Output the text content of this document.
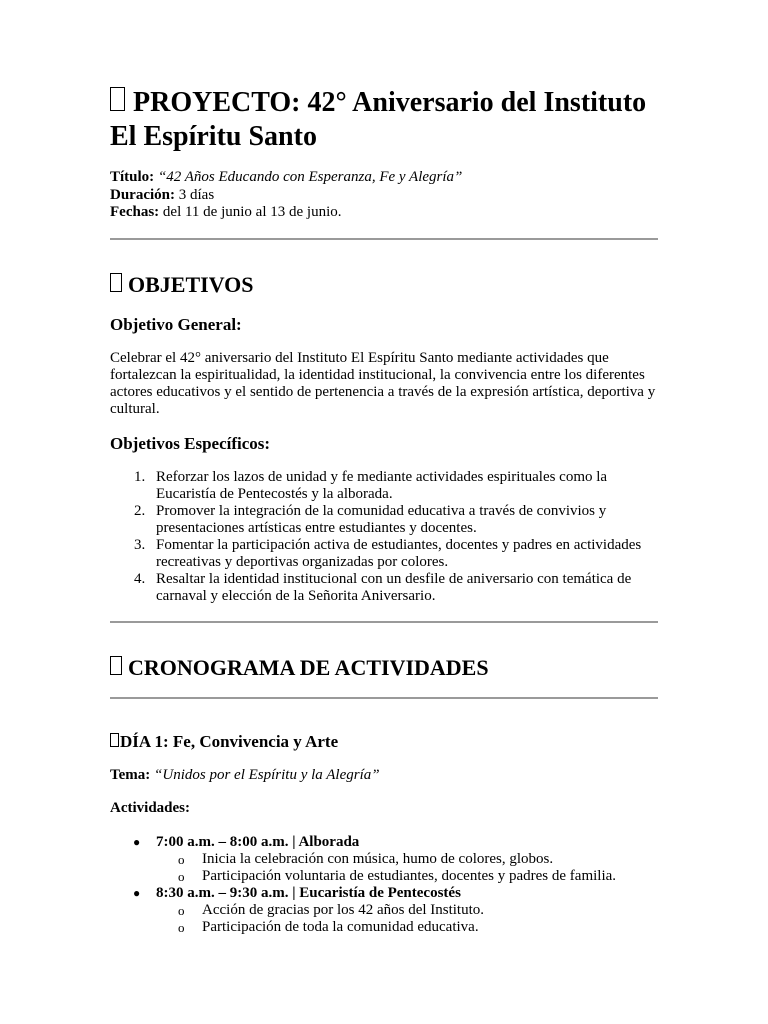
PROYECTO: 42° Aniversario del Instituto El Espíritu Santo

Título: “42 Años Educando con Esperanza, Fe y Alegría”
Duración: 3 días
Fechas: del 11 de junio al 13 de junio.

OBJETIVOS
Objetivo General:

Celebrar el 42° aniversario del Instituto El Espíritu Santo mediante actividades que fortalezcan la espiritualidad, la identidad institucional, la convivencia entre los diferentes actores educativos y el sentido de pertenencia a través de la expresión artística, deportiva y cultural.

Objetivos Específicos:
1. Reforzar los lazos de unidad y fe mediante actividades espirituales como la Eucaristía de Pentecostés y la alborada.
2. Promover la integración de la comunidad educativa a través de convivios y presentaciones artísticas entre estudiantes y docentes.
3. Fomentar la participación activa de estudiantes, docentes y padres en actividades recreativas y deportivas organizadas por colores.
4. Resaltar la identidad institucional con un desfile de aniversario con temática de carnaval y elección de la Señorita Aniversario.
CRONOGRAMA DE ACTIVIDADES
DÍA 1: Fe, Convivencia y Arte

Tema: “Unidos por el Espíritu y la Alegría”

Actividades:

● 7:00 a.m. – 8:00 a.m. | Alborada
o Inicia la celebración con música, humo de colores, globos.
o Participación voluntaria de estudiantes, docentes y padres de familia.
● 8:30 a.m. – 9:30 a.m. | Eucaristía de Pentecostés
o Acción de gracias por los 42 años del Instituto.
o Participación de toda la comunidad educativa.
